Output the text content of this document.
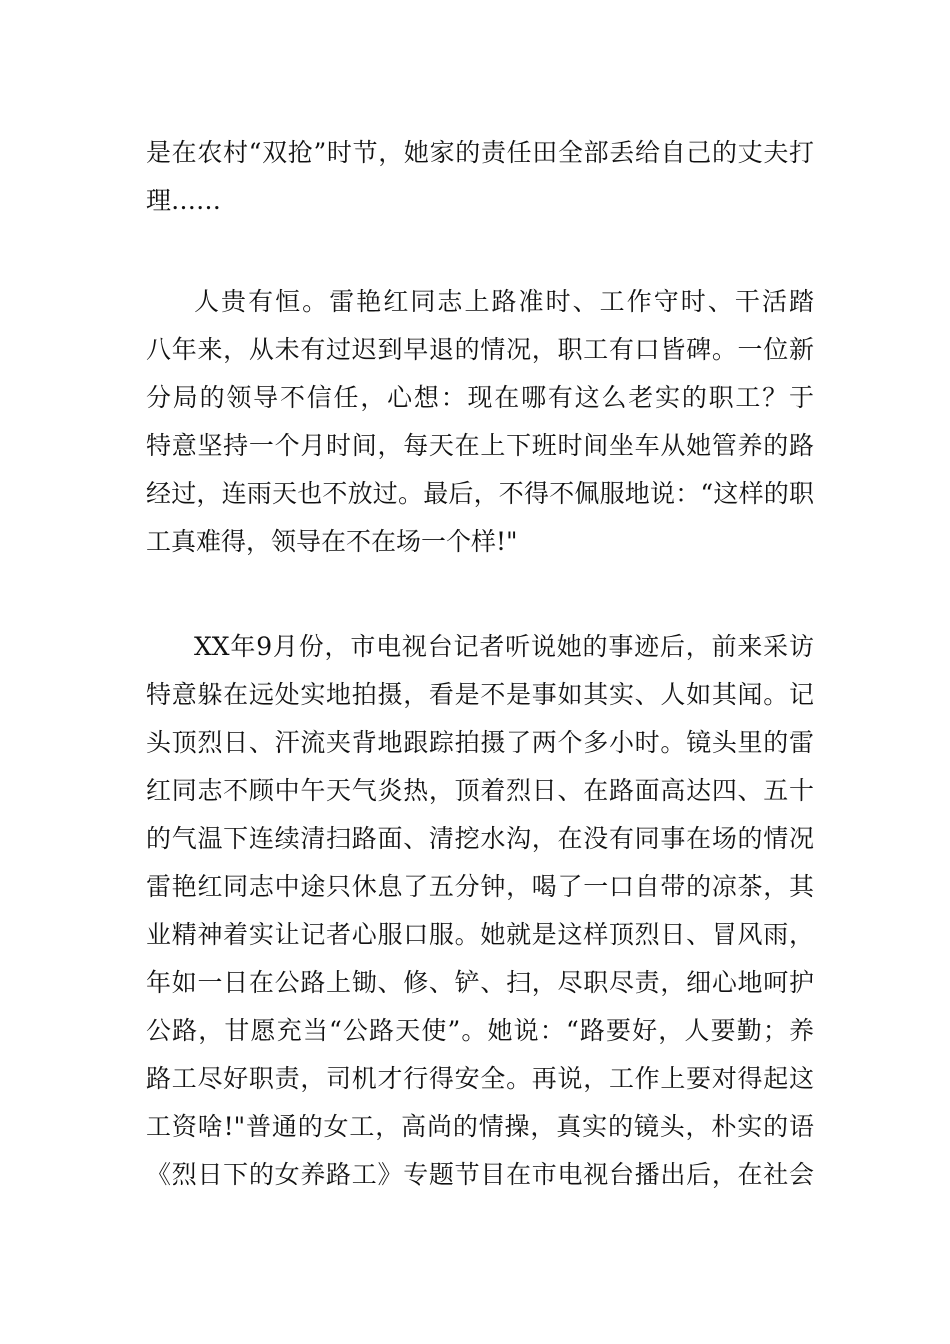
是在农村“双抢”时节，她家的责任田全部丢给自己的丈夫打
理……
人贵有恒。雷艳红同志上路准时、工作守时、干活踏
八年来，从未有过迟到早退的情况，职工有口皆碑。一位新
分局的领导不信任，心想：现在哪有这么老实的职工？于
特意坚持一个月时间，每天在上下班时间坐车从她管养的路
经过，连雨天也不放过。最后，不得不佩服地说：“这样的职
工真难得，领导在不在场一个样!"
XX年9月份，市电视台记者听说她的事迹后，前来采访
特意躲在远处实地拍摄，看是不是事如其实、人如其闻。记
头顶烈日、汗流夹背地跟踪拍摄了两个多小时。镜头里的雷
红同志不顾中午天气炎热，顶着烈日、在路面高达四、五十
的气温下连续清扫路面、清挖水沟，在没有同事在场的情况
雷艳红同志中途只休息了五分钟，喝了一口自带的凉茶，其
业精神着实让记者心服口服。她就是这样顶烈日、冒风雨，
年如一日在公路上锄、修、铲、扫，尽职尽责，细心地呵护
公路，甘愿充当“公路天使”。她说：“路要好，人要勤；养
路工尽好职责，司机才行得安全。再说，工作上要对得起这
工资啥!"普通的女工，高尚的情操，真实的镜头，朴实的语
《烈日下的女养路工》专题节目在市电视台播出后，在社会
